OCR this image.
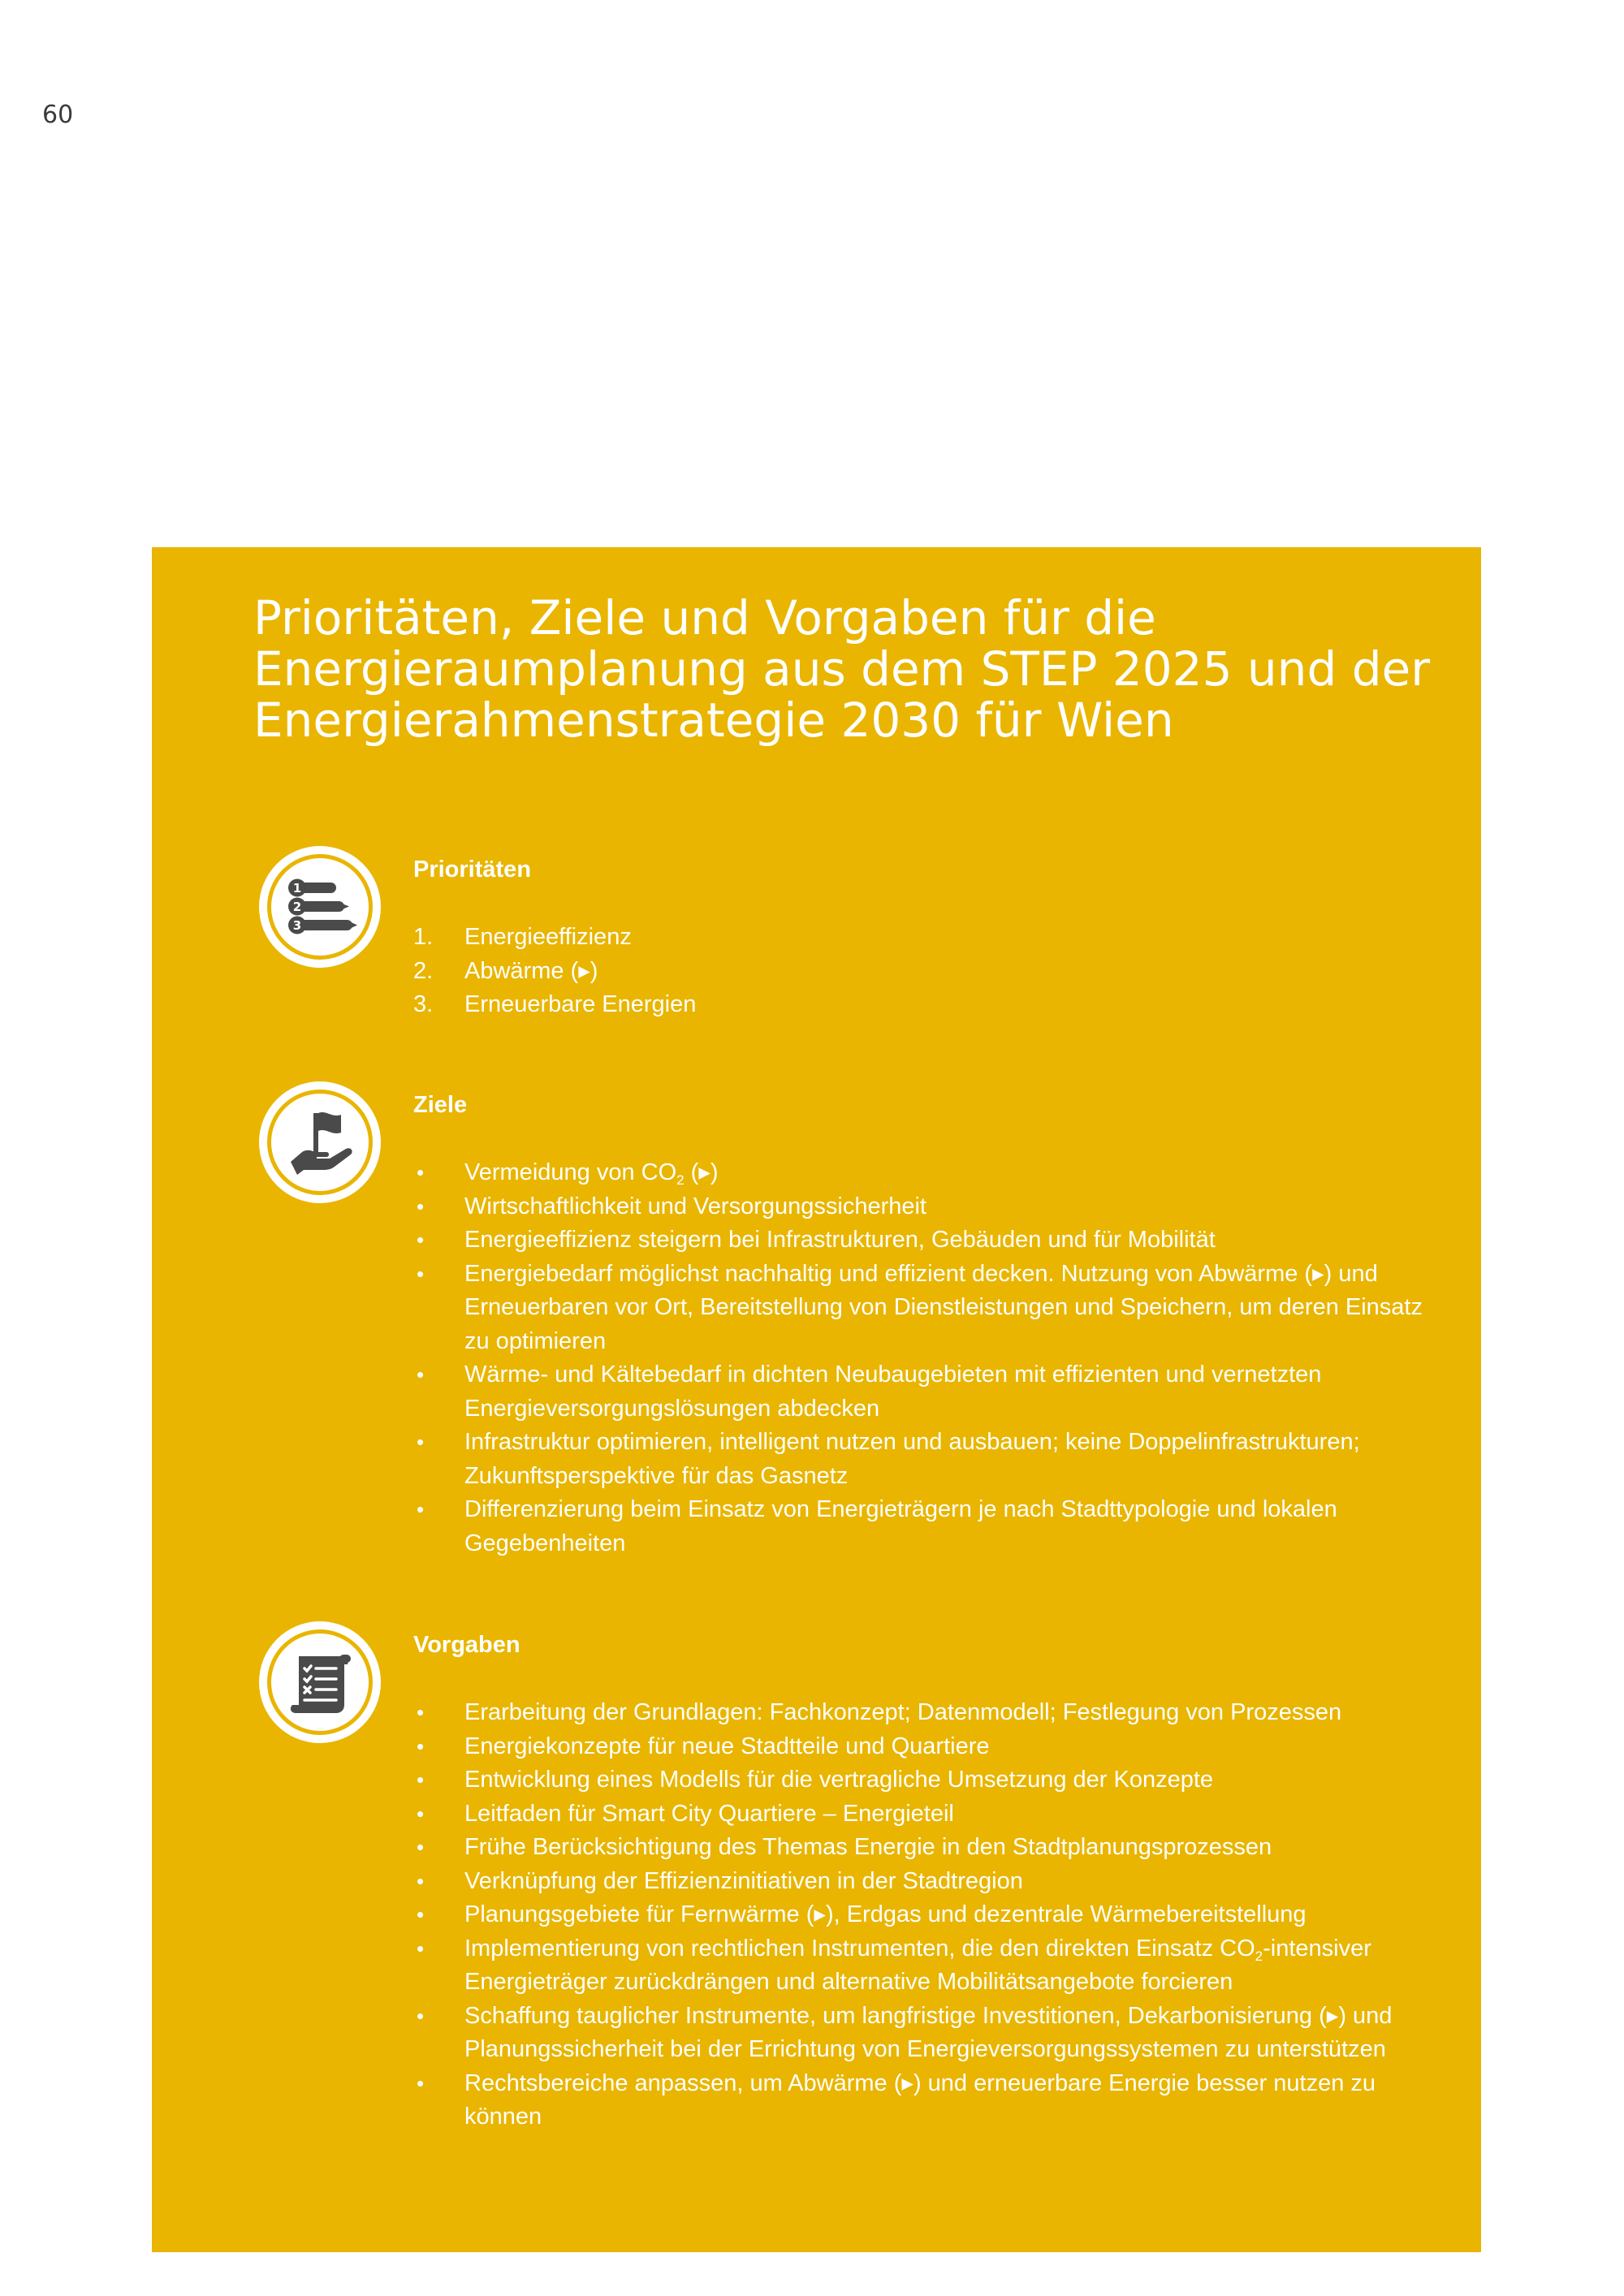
60
Prioritäten, Ziele und Vorgaben für die
Energieraumplanung aus dem STEP 2025 und der
Energierahmenstrategie 2030 für Wien
1
2
3
Prioritäten
1.	Energieeffizienz
2.	Abwärme (▸)
3.	Erneuerbare Energien
Ziele
•	Vermeidung von $CO_2$ (▸)
•	Wirtschaftlichkeit und Versorgungssicherheit
•	Energieeffizienz steigern bei Infrastrukturen, Gebäuden und für Mobilität
•	Energiebedarf möglichst nachhaltig und effizient decken. Nutzung von Abwärme (▸) und Erneuerbaren vor Ort, Bereitstellung von Dienstleistungen und Speichern, um deren Einsatz zu optimieren
•	Wärme- und Kältebedarf in dichten Neubaugebieten mit effizienten und vernetzten Energieversorgungslösungen abdecken
•	Infrastruktur optimieren, intelligent nutzen und ausbauen; keine Doppelinfrastrukturen; Zukunftsperspektive für das Gasnetz
•	Differenzierung beim Einsatz von Energieträgern je nach Stadttypologie und lokalen Gegebenheiten
Vorgaben
•	Erarbeitung der Grundlagen: Fachkonzept; Datenmodell; Festlegung von Prozessen
•	Energiekonzepte für neue Stadtteile und Quartiere
•	Entwicklung eines Modells für die vertragliche Umsetzung der Konzepte
•	Leitfaden für Smart City Quartiere – Energieteil
•	Frühe Berücksichtigung des Themas Energie in den Stadtplanungsprozessen
•	Verknüpfung der Effizienzinitiativen in der Stadtregion
•	Planungsgebiete für Fernwärme (▸), Erdgas und dezentrale Wärmebereitstellung
•	Implementierung von rechtlichen Instrumenten, die den direkten Einsatz $CO_2$-intensiver Energieträger zurückdrängen und alternative Mobilitätsangebote forcieren
•	Schaffung tauglicher Instrumente, um langfristige Investitionen, Dekarbonisierung (▸) und Planungssicherheit bei der Errichtung von Energieversorgungssystemen zu unterstützen
•	Rechtsbereiche anpassen, um Abwärme (▸) und erneuerbare Energie besser nutzen zu können
